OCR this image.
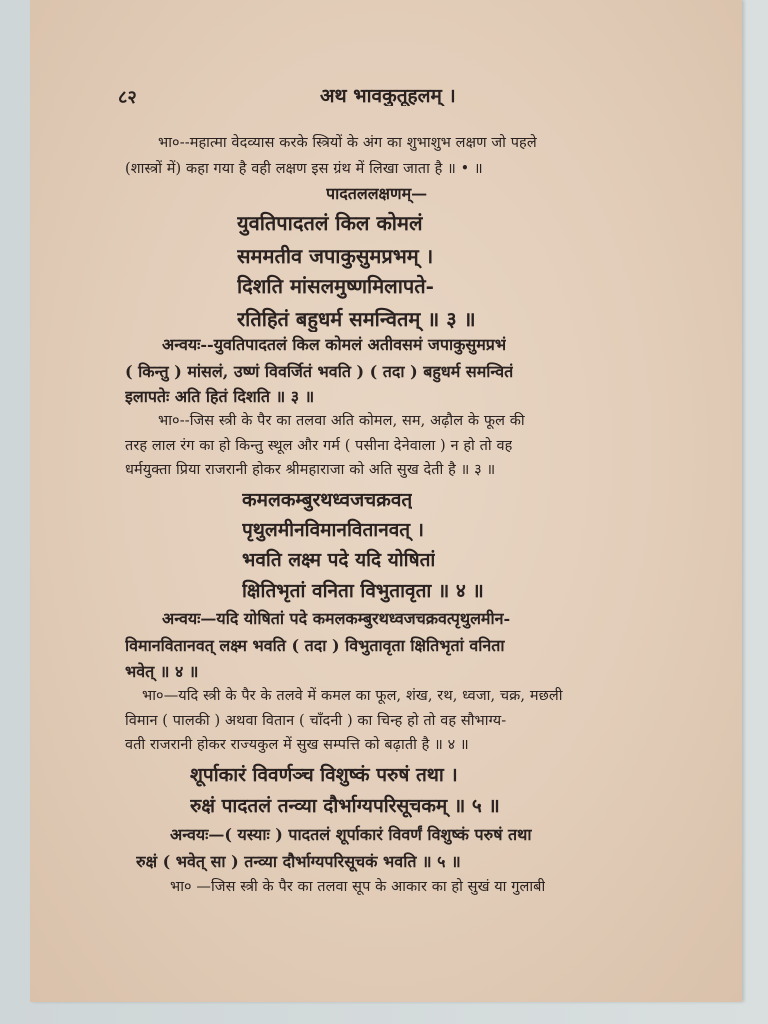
८२	अथ भावकुतूहलम् ।
भा०--महात्मा वेदव्यास करके स्त्रियों के अंग का शुभाशुभ लक्षण जो पहले
(शास्त्रों में) कहा गया है वही लक्षण इस ग्रंथ में लिखा जाता है ॥ • ॥
पादतललक्षणम्—
युवतिपादतलं किल कोमलं
सममतीव जपाकुसुमप्रभम् ।
दिशति मांसलमुष्णमिलापते-
रतिहितं बहुधर्म समन्वितम् ॥ ३ ॥
अन्वयः--युवतिपादतलं किल कोमलं अतीवसमं जपाकुसुमप्रभं
( किन्तु ) मांसलं, उष्णं विवर्जितं भवति ) ( तदा ) बहुधर्म समन्वितं
इलापतेः अति हितं दिशति ॥ ३ ॥
भा०--जिस स्त्री के पैर का तलवा अति कोमल, सम, अढ़ौल के फूल की
तरह लाल रंग का हो किन्तु स्थूल और गर्म ( पसीना देनेवाला ) न हो तो वह
धर्मयुक्ता प्रिया राजरानी होकर श्रीमहाराजा को अति सुख देती है ॥ ३ ॥
कमलकम्बुरथध्वजचक्रवत्
पृथुलमीनविमानवितानवत् ।
भवति लक्ष्म पदे यदि योषितां
क्षितिभृतां वनिता विभुतावृता ॥ ४ ॥
अन्वयः—यदि योषितां पदे कमलकम्बुरथध्वजचक्रवत्पृथुलमीन-
विमानवितानवत् लक्ष्म भवति ( तदा ) विभुतावृता क्षितिभृतां वनिता
भवेत् ॥ ४ ॥
भा०—यदि स्त्री के पैर के तलवे में कमल का फूल, शंख, रथ, ध्वजा, चक्र, मछली
विमान ( पालकी ) अथवा वितान ( चाँदनी ) का चिन्ह हो तो वह सौभाग्य-
वती राजरानी होकर राज्यकुल में सुख सम्पत्ति को बढ़ाती है ॥ ४ ॥
शूर्पाकारं विवर्णञ्च विशुष्कं परुषं तथा ।
रुक्षं पादतलं तन्व्या दौर्भाग्यपरिसूचकम् ॥ ५ ॥
अन्वयः—( यस्याः ) पादतलं शूर्पाकारं विवर्णं विशुष्कं परुषं तथा
रुक्षं ( भवेत् सा ) तन्व्या दौर्भाग्यपरिसूचकं भवति ॥ ५ ॥
भा० —जिस स्त्री के पैर का तलवा सूप के आकार का हो सुखं या गुलाबी
